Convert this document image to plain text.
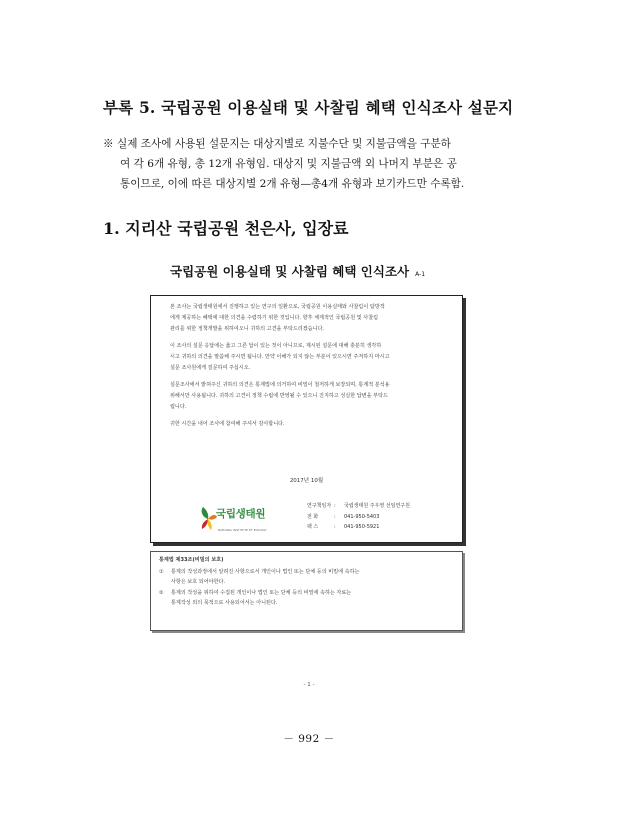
부록 5. 국립공원 이용실태 및 사찰림 혜택 인식조사 설문지
※ 실제 조사에 사용된 설문지는 대상지별로 지불수단 및 지불금액을 구분하
여 각 6개 유형, 총 12개 유형임. 대상지 및 지불금액 외 나머지 부분은 공
통이므로, 이에 따른 대상지별 2개 유형—총4개 유형과 보기카드만 수록함.
1. 지리산 국립공원 천은사, 입장료
국립공원 이용실태 및 사찰림 혜택 인식조사 A-1
본 조사는 국립생태원에서 진행하고 있는 연구의 일환으로, 국립공원 이용실태와 사찰림이 탐방객
에게 제공하는 혜택에 대한 의견을 수렴하기 위한 것입니다. 향후 체계적인 국립공원 및 사찰림
관리를 위한 정책개발을 위하여오니 귀하의 고견을 부탁드리겠습니다.
이 조사의 설문 응답에는 옳고 그른 답이 있는 것이 아니므로, 제시된 설문에 대해 충분히 생각하
시고 귀하의 의견을 말씀해 주시면 됩니다. 만약 이해가 되지 않는 부분이 있으시면 주저하지 마시고
설문 조사원에게 질문하여 주십시오.
설문조사에서 밝혀주신 귀하의 의견은 통계법에 의거하여 비밀이 철저하게 보장되며, 통계적 분석용
위해서만 사용됩니다. 귀하의 고견이 정책 수립에 반영될 수 있으니 진지하고 성실한 답변을 부탁드
립니다.
귀한 시간을 내어 조사에 참여해 주셔서 감사합니다.
2017년 10월
국립생태원
NATIONAL INSTITUTE OF ECOLOGY
연구책임자 : 국립생태원 주우영 선임연구원
전 화	: 041-950-5403
팩 스	: 041-950-5921
통계법 제33조(비밀의 보호)
① 통계의 작성과정에서 알려진 사항으로서 개인이나 법인 또는 단체 등의 비밀에 속하는
사항은 보호 되어야한다.
② 통계의 작성을 위하여 수집된 개인이나 법인 또는 단체 등의 비밀에 속하는 자료는
통계작성 외의 목적으로 사용되어서는 아니된다.
- 1 -
－ 992 －
